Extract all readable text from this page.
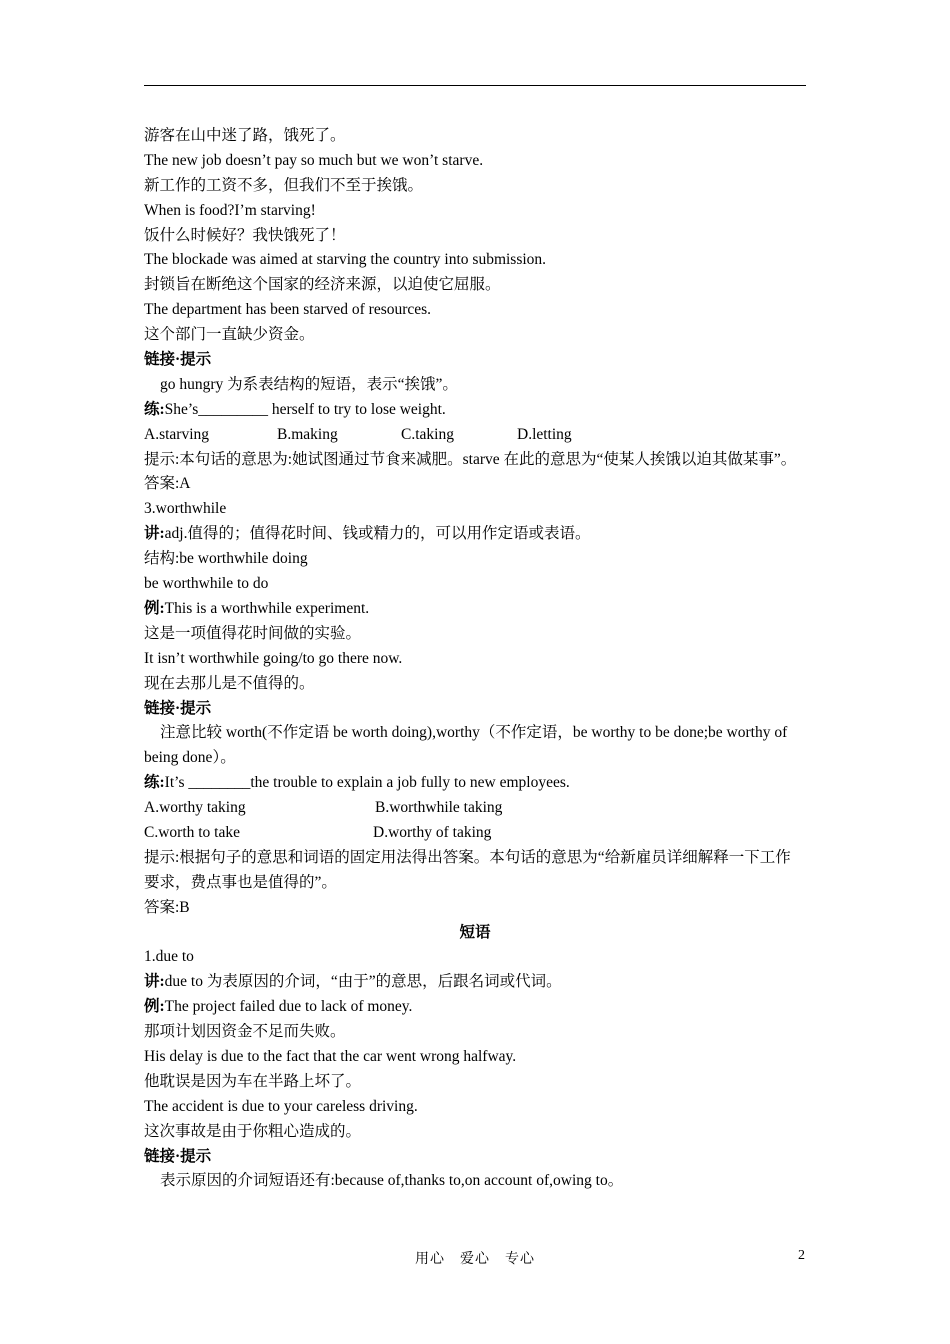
游客在山中迷了路，饿死了。
The new job doesn’t pay so much but we won’t starve.
新工作的工资不多，但我们不至于挨饿。
When is food?I’m starving!
饭什么时候好？我快饿死了！
The blockade was aimed at starving the country into submission.
封锁旨在断绝这个国家的经济来源，以迫使它屈服。
The department has been starved of resources.
这个部门一直缺少资金。
链接·提示
go hungry 为系表结构的短语，表示“挨饿”。
练:She’s_________ herself to try to lose weight.
A.starving	B.making	C.taking	D.letting
提示:本句话的意思为:她试图通过节食来减肥。starve 在此的意思为“使某人挨饿以迫其做某事”。
答案:A
3.worthwhile
讲:adj.值得的；值得花时间、钱或精力的，可以用作定语或表语。
结构:be worthwhile doing
be worthwhile to do
例:This is a worthwhile experiment.
这是一项值得花时间做的实验。
It isn’t worthwhile going/to go there now.
现在去那儿是不值得的。
链接·提示
注意比较 worth(不作定语 be worth doing),worthy（不作定语，be worthy to be done;be worthy of being done）。
练:It’s ________the trouble to explain a job fully to new employees.
A.worthy taking	B.worthwhile taking
C.worth to take	D.worthy of taking
提示:根据句子的意思和词语的固定用法得出答案。本句话的意思为“给新雇员详细解释一下工作要求，费点事也是值得的”。
答案:B
短语
1.due to
讲:due to 为表原因的介词，“由于”的意思，后跟名词或代词。
例:The project failed due to lack of money.
那项计划因资金不足而失败。
His delay is due to the fact that the car went wrong halfway.
他耽误是因为车在半路上坏了。
The accident is due to your careless driving.
这次事故是由于你粗心造成的。
链接·提示
表示原因的介词短语还有:because of,thanks to,on account of,owing to。
用心　爱心　专心	2
